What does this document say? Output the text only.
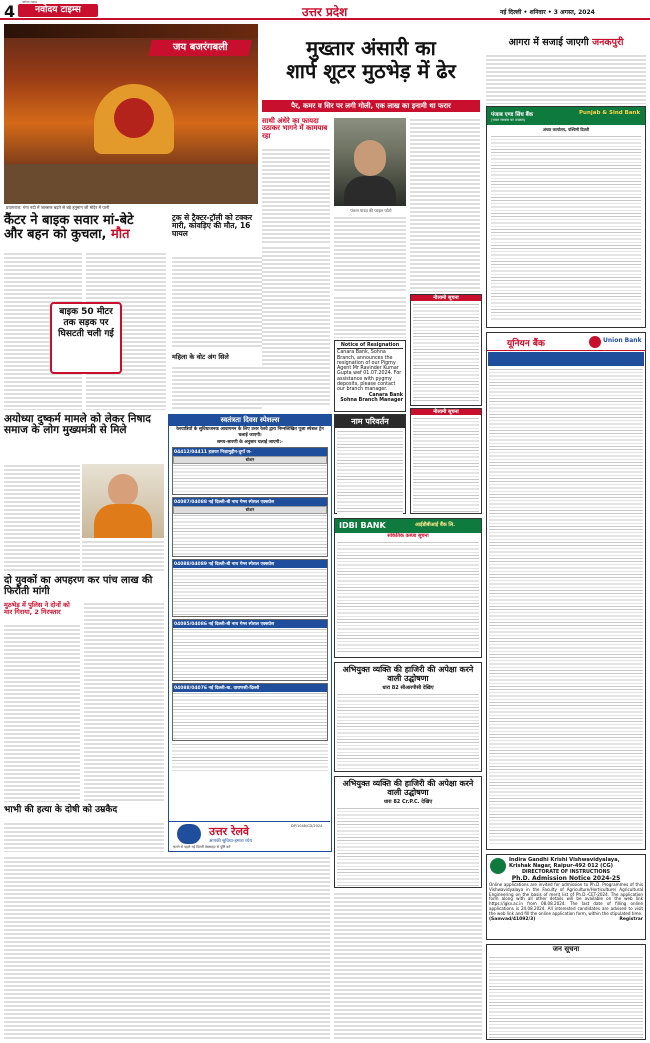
4	नवोदय टाइम्स
नवोदय टाइम्स
उत्तर प्रदेश	नई दिल्ली • शनिवार • 3 अगस्त, 2024
जय बजरंगबली
प्रयागराज: गंगा नदी में जलस्तर बढ़ने से बड़े हनुमान जी मंदिर में पानी
मुख्तार अंसारी का
शार्प शूटर मुठभेड़ में ढेर
पैर, कमर व सिर पर लगी गोली, एक लाख का इनामी था फरार
साथी अंधेरे का फायदा उठाकर भागने में कामयाब रहा
पंकज यादव की फाइल फोटो
आगरा में सजाई जाएगी जनकपुरी
पंजाब एण्ड सिंध बैंक	Punjab & Sind Bank
(भारत सरकार का उपक्रम)
अंचल कार्यालय, पश्चिमी दिल्ली
कैंटर ने बाइक सवार मां-बेटे
और बहन को कुचला, मौत
बाइक 50 मीटर तक सड़क पर घिसटती चली गई
ट्रक से ट्रैक्टर-ट्रॉली को टक्कर मारी, कांवड़िए की मौत, 16 घायल
महिला के वोट अंग सिले
Notice of Resignation
Canara Bank, Sohna Branch, announces the resignation of our Pigmy Agent Mr Ravinder Kumar Gupta wef 01.07.2024. For assistance with pygmy deposits, please contact our branch manager.
Canara Bank
Sohna Branch Manager
नीलामी सूचना
नाम परिवर्तन
नीलामी सूचना
अयोध्या दुष्कर्म मामले को लेकर निषाद समाज के लोग मुख्यमंत्री से मिले
दो युवकों का अपहरण कर पांच लाख की फिरौती मांगी
मुठभेड़ में पुलिस ने दोनों को मार गिराया, 2 गिरफ्तार
भाभी की हत्या के दोषी को उम्रकैद
स्वतंत्रता दिवस स्पेशल्स
रेलयात्रियों के सुविधाजनक आवागमन के लिए उत्तर रेलवे द्वारा निम्नलिखित पूजा स्पेशल ट्रेन चलाई जाएगी।
समय-सारणी के अनुसार चलाई जाएगी:-
04412/04411 हज़रत निज़ामुद्दीन-दुर्गा ज-
स्टेशन
04087/04088 नई दिल्ली-बी नाथ गेम्स स्पेशल एक्सप्रेस
स्टेशन
04088/04089 नई दिल्ली-बी नाथ गेम्स स्पेशल एक्सप्रेस
04085/04086 नई दिल्ली-बी नाथ गेम्स स्पेशल एक्सप्रेस
04088/04076 नई दिल्ली-बा. वाराणसी-दिल्ली
उत्तर रेलवे
आपकी सुविधा-हमारा ध्येय
चलने से पहले नई दिल्ली वेबसाइट से पुष्टि करें
DP/1048/CD/2024
IDBI BANK	आईडीबीआई बैंक लि.
सांकेतिक कब्जा सूचना
अभियुक्त व्यक्ति की हाजिरी की अपेक्षा करने वाली उद्घोषणा
धारा 82 सीआरपीसी देखिए
अभियुक्त व्यक्ति की हाजिरी की अपेक्षा करने वाली उद्घोषणा
धारा 82 Cr.P.C. देखिए
यूनियन बैंक	Union Bank
Indira Gandhi Krishi Vishwavidyalaya, Krishak Nagar, Raipur-492 012 (CG)
DIRECTORATE OF INSTRUCTIONS
Ph.D. Admission Notice 2024-25
Online applications are invited for admission to Ph.D. Programmes of this Vishwavidyalaya in the Faculty of Agriculture/Horticulture/ Agricultural Engineering on the basis of merit list of Ph.D.-CET-2024. The application form along with all other details will be available on the web link https://igkv.ac.in from 08.08.2024. The last date of filling online applications is 24.08.2024. All interested candidates are advised to visit the web link and fill the online application form, within the stipulated time.
(Samvad/41092/3)	Registrar
जन सूचना
